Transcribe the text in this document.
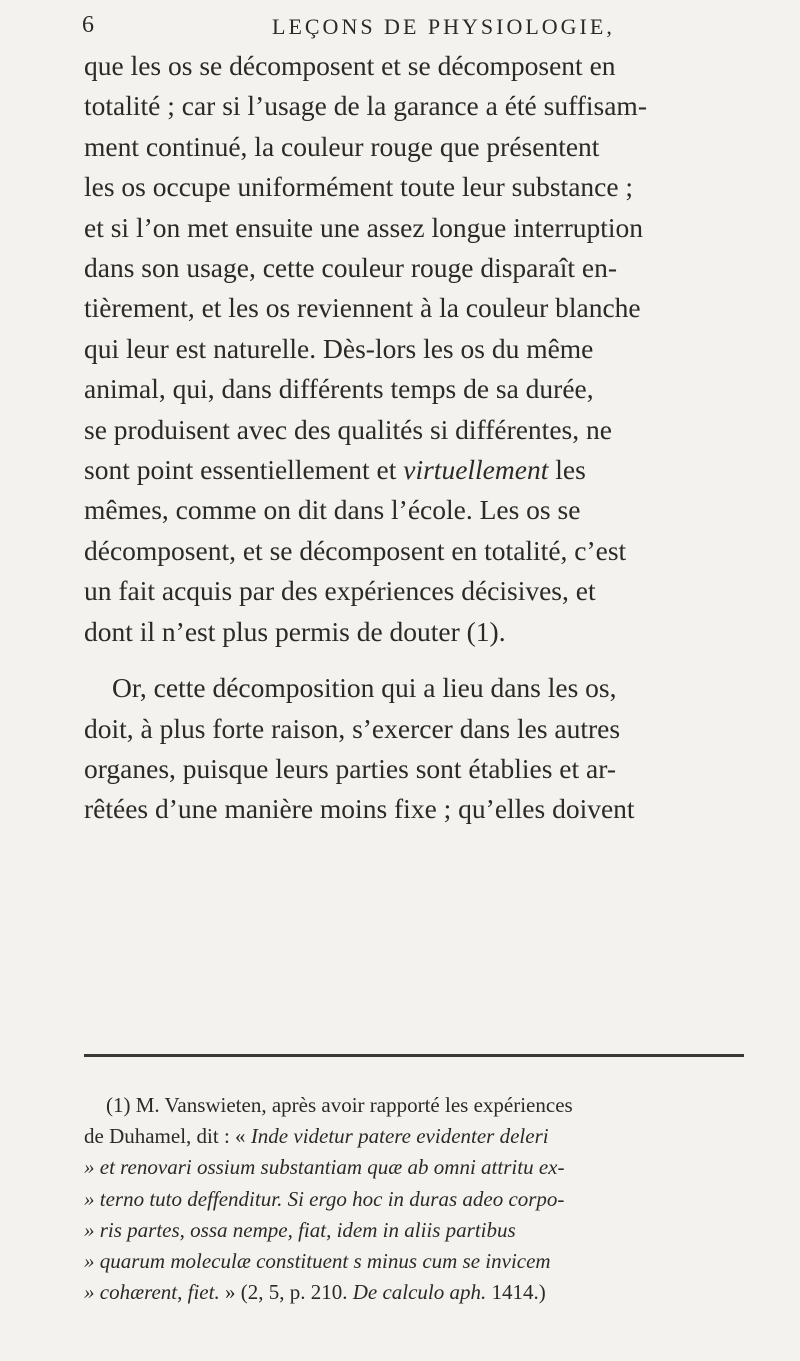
6	LEÇONS DE PHYSIOLOGIE,

que les os se décomposent et se décomposent en
totalité ; car si l’usage de la garance a été suffisam-
ment continué, la couleur rouge que présentent
les os occupe uniformément toute leur substance ;
et si l’on met ensuite une assez longue interruption
dans son usage, cette couleur rouge disparaît en-
tièrement, et les os reviennent à la couleur blanche
qui leur est naturelle. Dès-lors les os du même
animal, qui, dans différents temps de sa durée,
se produisent avec des qualités si différentes, ne
sont point essentiellement et virtuellement les
mêmes, comme on dit dans l’école. Les os se
décomposent, et se décomposent en totalité, c’est
un fait acquis par des expériences décisives, et
dont il n’est plus permis de douter (1).

Or, cette décomposition qui a lieu dans les os,
doit, à plus forte raison, s’exercer dans les autres
organes, puisque leurs parties sont établies et ar-
rêtées d’une manière moins fixe ; qu’elles doivent

(1) M. Vanswieten, après avoir rapporté les expériences
de Duhamel, dit : « Inde videtur patere evidenter deleri
» et renovari ossium substantiam quæ ab omni attritu ex-
» terno tuto deffenditur. Si ergo hoc in duras adeo corpo-
» ris partes, ossa nempe, fiat, idem in aliis partibus
» quarum moleculæ constituent s minus cum se invicem
» cohærent, fiet. » (2, 5, p. 210. De calculo aph. 1414.)
